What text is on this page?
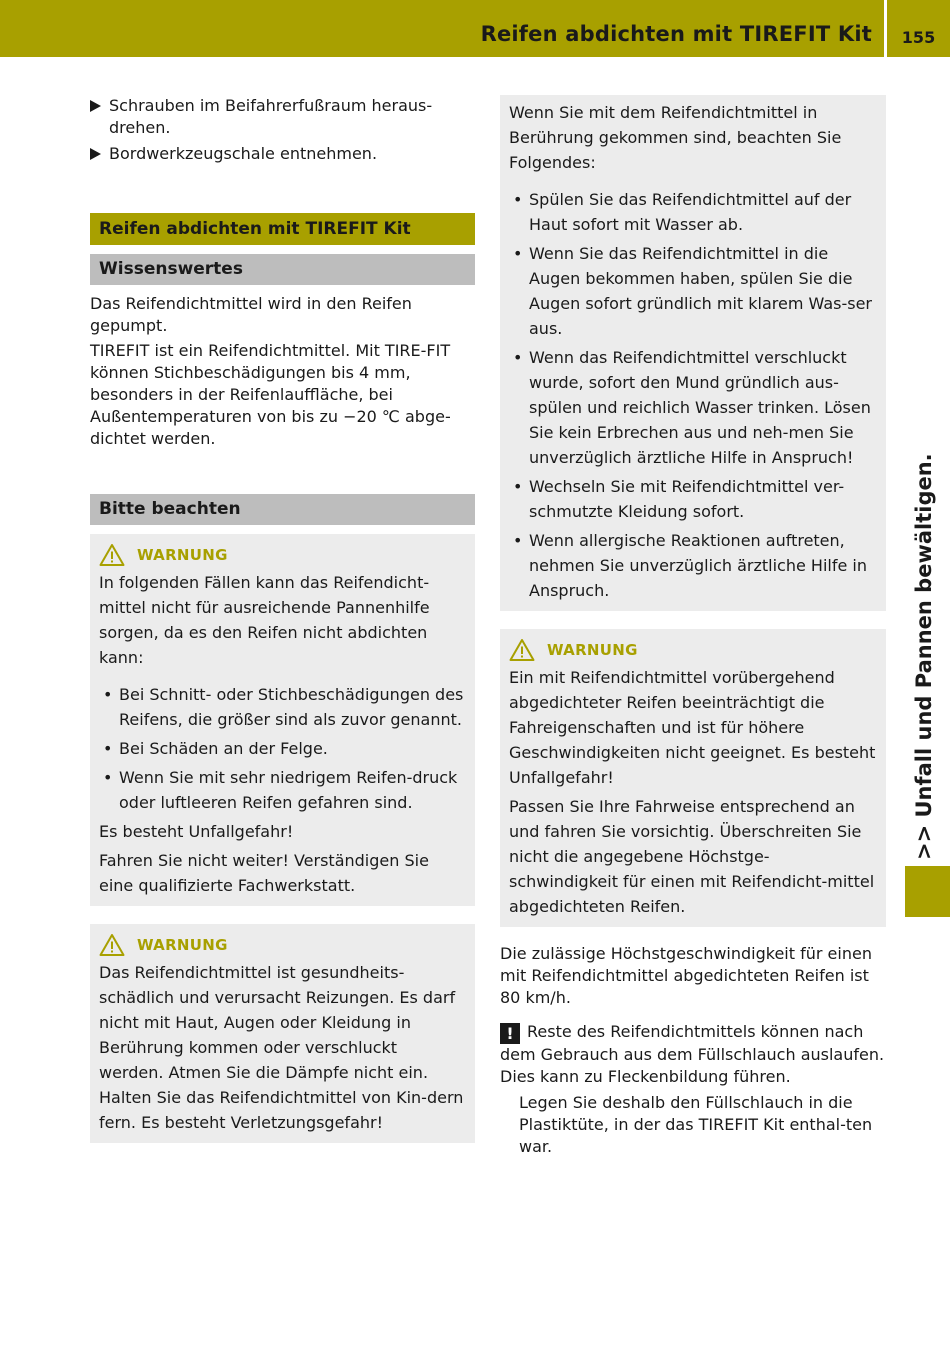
Reifen abdichten mit TIREFIT Kit	155
>> Unfall und Pannen bewältigen.
Schrauben im Beifahrerfußraum heraus-drehen.
Bordwerkzeugschale entnehmen.
Reifen abdichten mit TIREFIT Kit
Wissenswertes

Das Reifendichtmittel wird in den Reifen gepumpt.

TIREFIT ist ein Reifendichtmittel. Mit TIRE-FIT können Stichbeschädigungen bis 4 mm, besonders in der Reifenlauffläche, bei Außentemperaturen von bis zu −20 ℃ abge-dichtet werden.

Bitte beachten
WARNUNG

In folgenden Fällen kann das Reifendicht-mittel nicht für ausreichende Pannenhilfe sorgen, da es den Reifen nicht abdichten kann:

• Bei Schnitt- oder Stichbeschädigungen des Reifens, die größer sind als zuvor genannt.
• Bei Schäden an der Felge.
• Wenn Sie mit sehr niedrigem Reifen-druck oder luftleeren Reifen gefahren sind.

Es besteht Unfallgefahr!

Fahren Sie nicht weiter! Verständigen Sie eine qualifizierte Fachwerkstatt.

WARNUNG

Das Reifendichtmittel ist gesundheits-schädlich und verursacht Reizungen. Es darf nicht mit Haut, Augen oder Kleidung in Berührung kommen oder verschluckt werden. Atmen Sie die Dämpfe nicht ein. Halten Sie das Reifendichtmittel von Kin-dern fern. Es besteht Verletzungsgefahr!

Wenn Sie mit dem Reifendichtmittel in Berührung gekommen sind, beachten Sie Folgendes:

• Spülen Sie das Reifendichtmittel auf der Haut sofort mit Wasser ab.
• Wenn Sie das Reifendichtmittel in die Augen bekommen haben, spülen Sie die Augen sofort gründlich mit klarem Was-ser aus.
• Wenn das Reifendichtmittel verschluckt wurde, sofort den Mund gründlich aus-spülen und reichlich Wasser trinken. Lösen Sie kein Erbrechen aus und neh-men Sie unverzüglich ärztliche Hilfe in Anspruch!
• Wechseln Sie mit Reifendichtmittel ver-schmutzte Kleidung sofort.
• Wenn allergische Reaktionen auftreten, nehmen Sie unverzüglich ärztliche Hilfe in Anspruch.
WARNUNG

Ein mit Reifendichtmittel vorübergehend abgedichteter Reifen beeinträchtigt die Fahreigenschaften und ist für höhere Geschwindigkeiten nicht geeignet. Es besteht Unfallgefahr!

Passen Sie Ihre Fahrweise entsprechend an und fahren Sie vorsichtig. Überschreiten Sie nicht die angegebene Höchstge-schwindigkeit für einen mit Reifendicht-mittel abgedichteten Reifen.

Die zulässige Höchstgeschwindigkeit für einen mit Reifendichtmittel abgedichteten Reifen ist 80 km/h.

! Reste des Reifendichtmittels können nach dem Gebrauch aus dem Füllschlauch auslaufen. Dies kann zu Fleckenbildung führen.

Legen Sie deshalb den Füllschlauch in die Plastiktüte, in der das TIREFIT Kit enthal-ten war.
